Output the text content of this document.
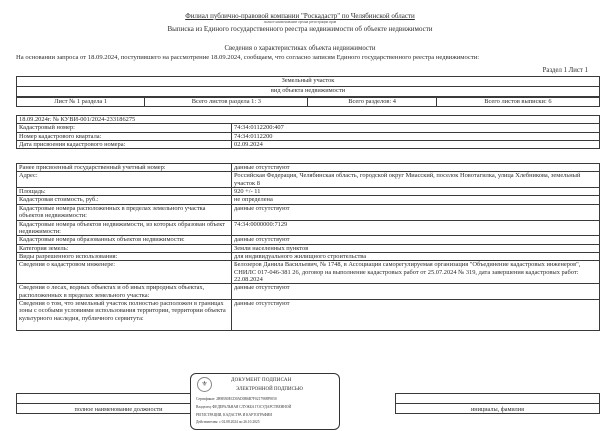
Филиал публично-правовой компании "Роскадастр" по Челябинской области
полное наименование органа регистрации прав
Выписка из Единого государственного реестра недвижимости об объекте недвижимости
Сведения о характеристиках объекта недвижимости
На основании запроса от 18.09.2024, поступившего на рассмотрение 18.09.2024, сообщаем, что согласно записям Единого государственного реестра недвижимости:
Раздел 1 Лист 1
Земельный участок
вид объекта недвижимости
Лист № 1 раздела 1	Всего листов раздела 1: 3	Всего разделов: 4	Всего листов выписки: 6
18.09.2024г. № КУВИ-001/2024-233186275	
Кадастровый номер:	74:34:0112200:407
Номер кадастрового квартала:	74:34:0112200
Дата присвоения кадастрового номера:	02.09.2024
Ранее присвоенный государственный учетный номер:	данные отсутствуют
Адрес:	Российская Федерация, Челябинская область, городской округ Миасский, поселок Новотагилка, улица Хлебникова, земельный участок 8
Площадь:	920 +/- 11
Кадастровая стоимость, руб.:	не определена
Кадастровые номера расположенных в пределах земельного участка объектов недвижимости:	данные отсутствуют
Кадастровые номера объектов недвижимости, из которых образован объект недвижимости:	74:34:0000000:7129
Кадастровые номера образованных объектов недвижимости:	данные отсутствуют
Категория земель:	Земли населенных пунктов
Виды разрешенного использования:	для индивидуального жилищного строительства
Сведения о кадастровом инженере:	Белозеров Данила Васильевич, № 1748, в Ассоциация саморегулируемая организация "Объединение кадастровых инженеров", СНИЛС 017-046-381 26, договор на выполнение кадастровых работ от 25.07.2024 № 319, дата завершения кадастровых работ: 22.08.2024
Сведения о лесах, водных объектах и об иных природных объектах, расположенных в пределах земельного участка:	данные отсутствуют
Сведения о том, что земельный участок полностью расположен в границах зоны с особыми условиями использования территории, территории объекта культурного наследия, публичного сервитута:	данные отсутствуют

полное наименование должности		инициалы, фамилия
⚜	ДОКУМЕНТ ПОДПИСАН
ЭЛЕКТРОННОЙ ПОДПИСЬЮ
Сертификат: 2B9EB0ECD0AD0B6B7F0217988F9050
Владелец: ФЕДЕРАЛЬНАЯ СЛУЖБА ГОСУДАРСТВЕННОЙ
РЕГИСТРАЦИИ, КАДАСТРА И КАРТОГРАФИИ
Действителен: с 02.08.2024 по 26.10.2025
